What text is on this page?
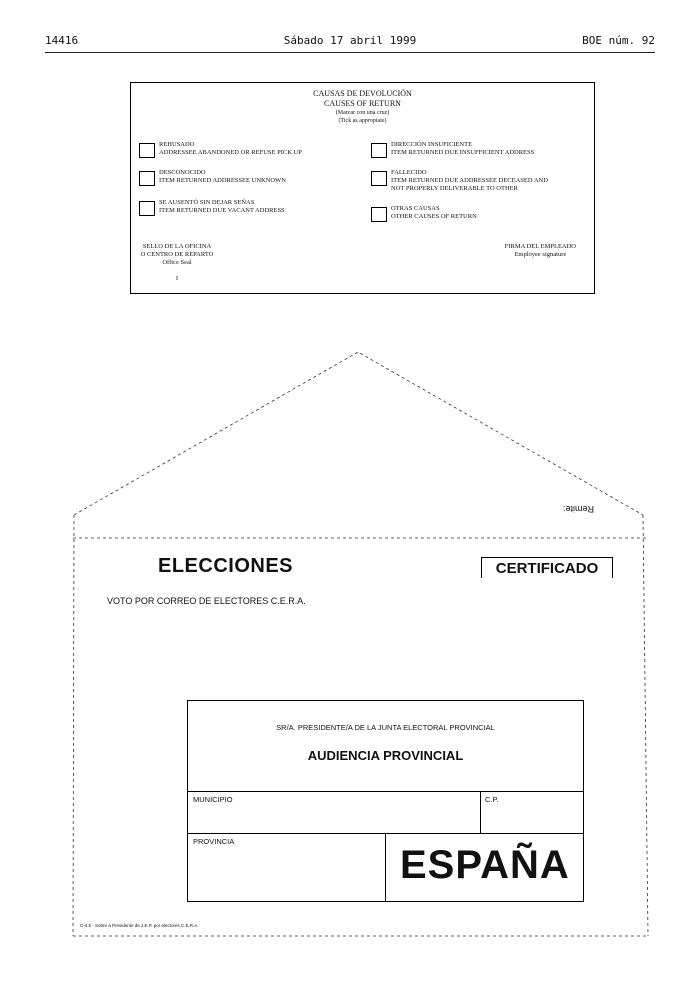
14416	Sábado 17 abril 1999	BOE núm. 92
CAUSAS DE DEVOLUCIÓN
CAUSES OF RETURN
(Marcar con una cruz)
(Tick as appropiate)
REHUSADO
ADDRESSEE ABANDONED OR REFUSE PICK UP
DESCONOCIDO
ITEM RETURNED ADDRESSEE UNKNOWN
SE AUSENTÓ SIN DEJAR SEÑAS
ITEM RETURNED DUE VACANT ADDRESS
DIRECCIÓN INSUFICIENTE
ITEM RETURNED DUE INSUFFICIENT ADDRESS
FALLECIDO
ITEM RETURNED DUE ADDRESSEE DECEASED AND
NOT PROPERLY DELIVERABLE TO OTHER
OTRAS CAUSAS
OTHER CAUSES OF RETURN
SELLO DE LA OFICINA
O CENTRO DE REPARTO
Office Seal
I
FIRMA DEL EMPLEADO
Employee signature
Remite:
ELECCIONES	CERTIFICADO
VOTO POR CORREO DE ELECTORES C.E.R.A.
SR/A. PRESIDENTE/A DE LA JUNTA ELECTORAL PROVINCIAL
AUDIENCIA PROVINCIAL
MUNICIPIO	C.P.
PROVINCIA
ESPAÑA
C-4.5 - Sobre a Presidente de J.E.P. por electores C.E.R.A.
